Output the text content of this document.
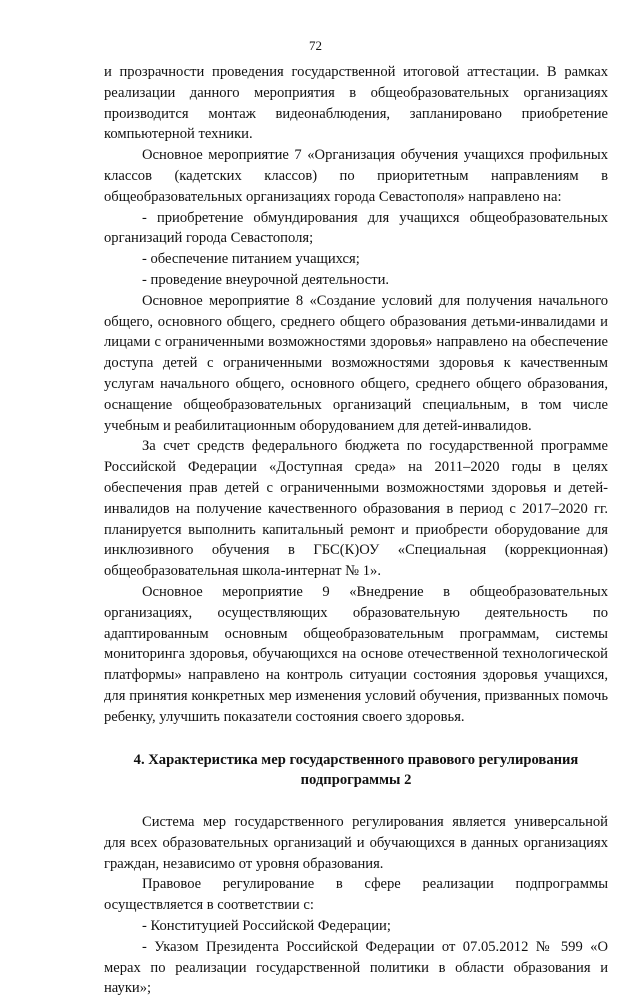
72

и прозрачности проведения государственной итоговой аттестации. В рамках реализации данного мероприятия в общеобразовательных организациях производится монтаж видеонаблюдения, запланировано приобретение компьютерной техники.

Основное мероприятие 7 «Организация обучения учащихся профильных классов (кадетских классов) по приоритетным направлениям в общеобразовательных организациях города Севастополя» направлено на:

- приобретение обмундирования для учащихся общеобразовательных организаций города Севастополя;

- обеспечение питанием учащихся;

- проведение внеурочной деятельности.

Основное мероприятие 8 «Создание условий для получения начального общего, основного общего, среднего общего образования детьми-инвалидами и лицами с ограниченными возможностями здоровья» направлено на обеспечение доступа детей с ограниченными возможностями здоровья к качественным услугам начального общего, основного общего, среднего общего образования, оснащение общеобразовательных организаций специальным, в том числе учебным и реабилитационным оборудованием для детей-инвалидов.

За счет средств федерального бюджета по государственной программе Российской Федерации «Доступная среда» на 2011–2020 годы в целях обеспечения прав детей с ограниченными возможностями здоровья и детей-инвалидов на получение качественного образования в период с 2017–2020 гг. планируется выполнить капитальный ремонт и приобрести оборудование для инклюзивного обучения в ГБС(К)ОУ «Специальная (коррекционная) общеобразовательная школа-интернат № 1».

Основное мероприятие 9 «Внедрение в общеобразовательных организациях, осуществляющих образовательную деятельность по адаптированным основным общеобразовательным программам, системы мониторинга здоровья, обучающихся на основе отечественной технологической платформы» направлено на контроль ситуации состояния здоровья учащихся, для принятия конкретных мер изменения условий обучения, призванных помочь ребенку, улучшить показатели состояния своего здоровья.

4. Характеристика мер государственного правового регулирования
подпрограммы 2

Система мер государственного регулирования является универсальной для всех образовательных организаций и обучающихся в данных организациях граждан, независимо от уровня образования.

Правовое регулирование в сфере реализации подпрограммы осуществляется в соответствии с:

- Конституцией Российской Федерации;

- Указом Президента Российской Федерации от 07.05.2012 № 599 «О мерах по реализации государственной политики в области образования и науки»;
